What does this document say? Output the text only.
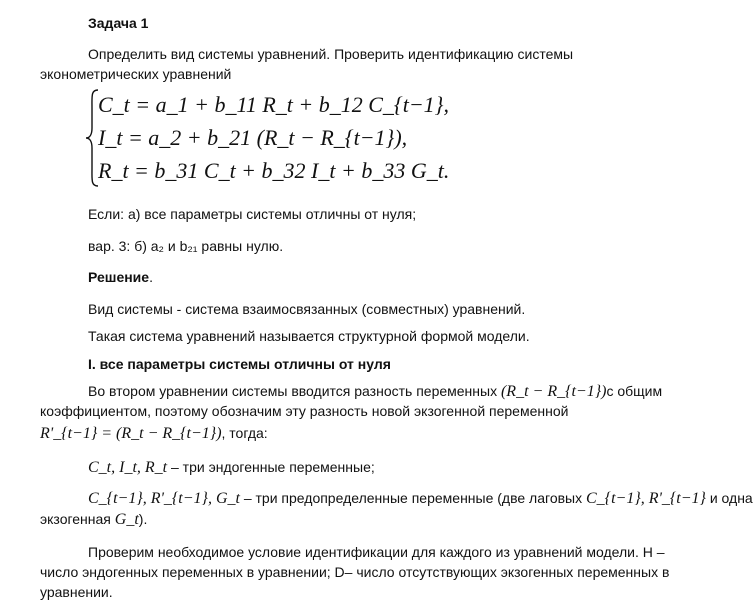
Задача 1
Определить вид системы уравнений. Проверить идентификацию системы
эконометрических уравнений
C_t = a_1 + b_11 R_t + b_12 C_{t−1},
I_t = a_2 + b_21 (R_t − R_{t−1}),
R_t = b_31 C_t + b_32 I_t + b_33 G_t.
Если: а) все параметры системы отличны от нуля;
вар. 3: б) a₂ и b₂₁ равны нулю.
Решение.
Вид системы - система взаимосвязанных (совместных) уравнений.
Такая система уравнений называется структурной формой модели.
I. все параметры системы отличны от нуля
Во втором уравнении системы вводится разность переменных (R_t − R_{t−1})с общим
коэффициентом, поэтому обозначим эту разность новой экзогенной переменной
R'_{t−1} = (R_t − R_{t−1}), тогда:
C_t, I_t, R_t – три эндогенные переменные;
C_{t−1}, R'_{t−1}, G_t – три предопределенные переменные (две лаговых C_{t−1}, R'_{t−1} и одна
экзогенная G_t).
Проверим необходимое условие идентификации для каждого из уравнений модели. H –
число эндогенных переменных в уравнении; D– число отсутствующих экзогенных переменных в
уравнении.
